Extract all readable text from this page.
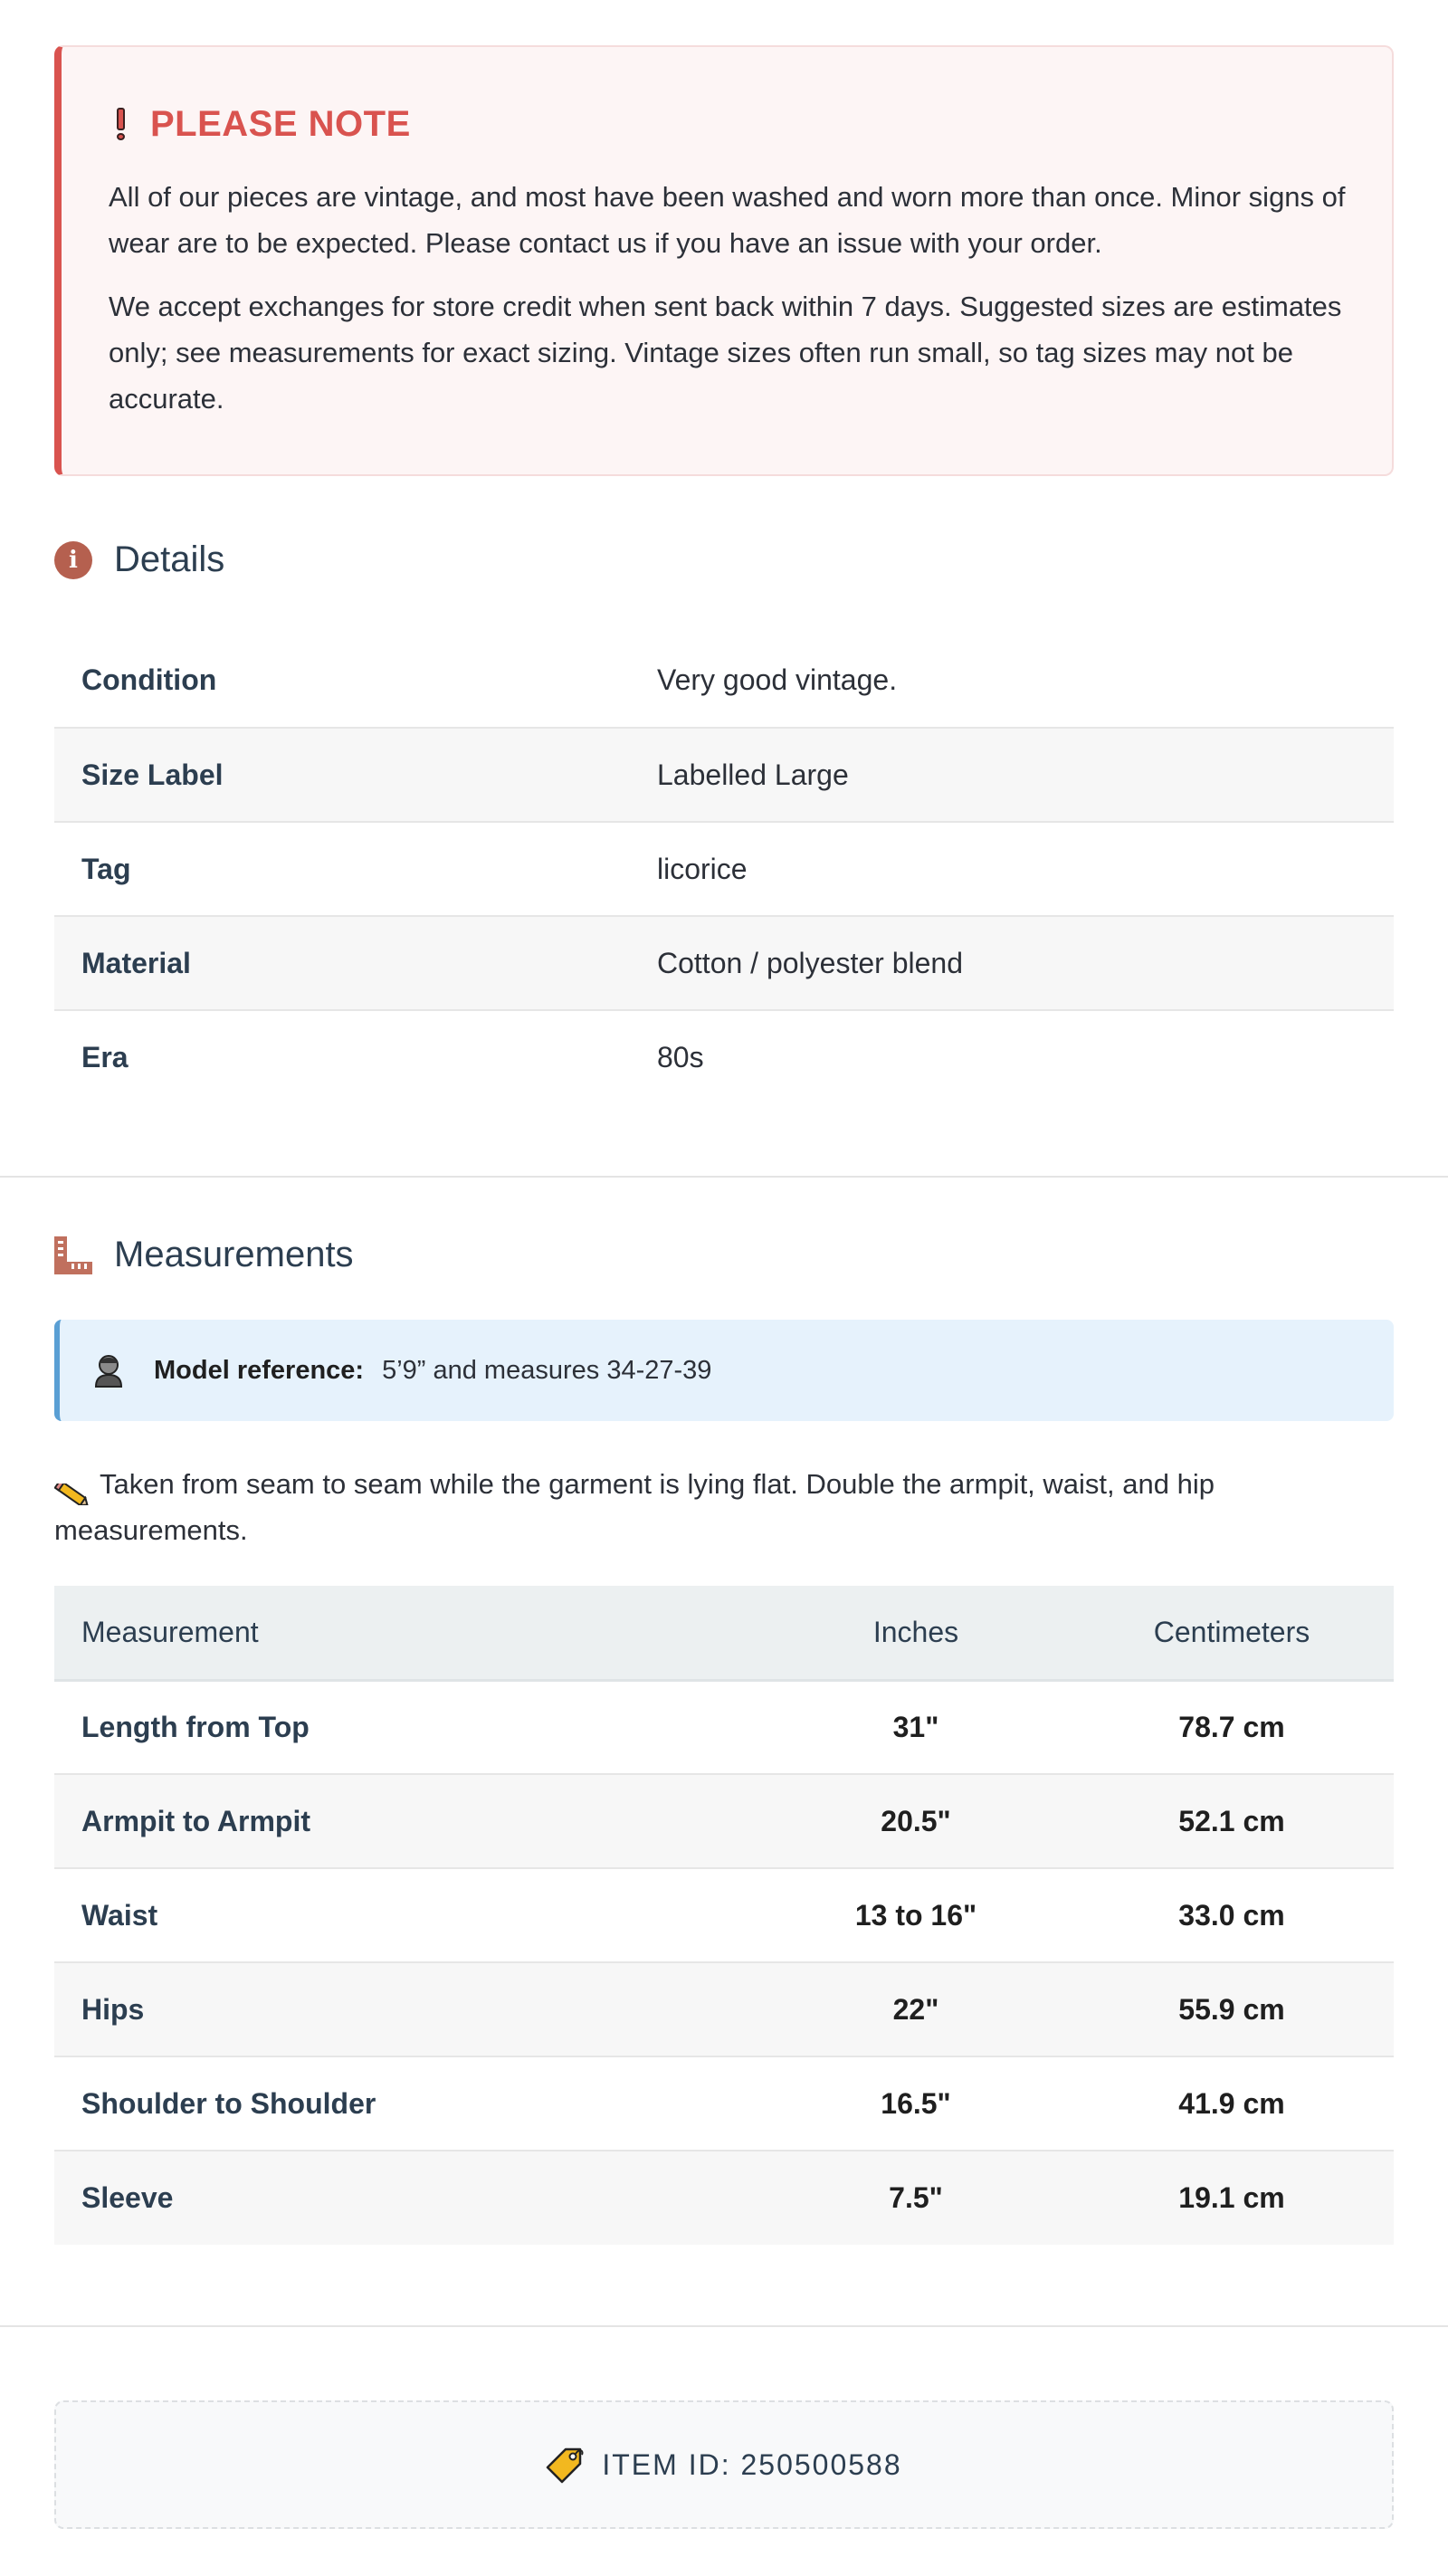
PLEASE NOTE

All of our pieces are vintage, and most have been washed and worn more than once. Minor signs of wear are to be expected. Please contact us if you have an issue with your order.

We accept exchanges for store credit when sent back within 7 days. Suggested sizes are estimates only; see measurements for exact sizing. Vintage sizes often run small, so tag sizes may not be accurate.

i	Details
Condition	Very good vintage.
Size Label	Labelled Large
Tag	licorice
Material	Cotton / polyester blend
Era	80s
Measurements
Model reference: 5’9” and measures 34-27-39
Taken from seam to seam while the garment is lying flat. Double the armpit, waist, and hip measurements.
Measurement	Inches	Centimeters
Length from Top	31"	78.7 cm
Armpit to Armpit	20.5"	52.1 cm
Waist	13 to 16"	33.0 cm
Hips	22"	55.9 cm
Shoulder to Shoulder	16.5"	41.9 cm
Sleeve	7.5"	19.1 cm
ITEM ID: 250500588
